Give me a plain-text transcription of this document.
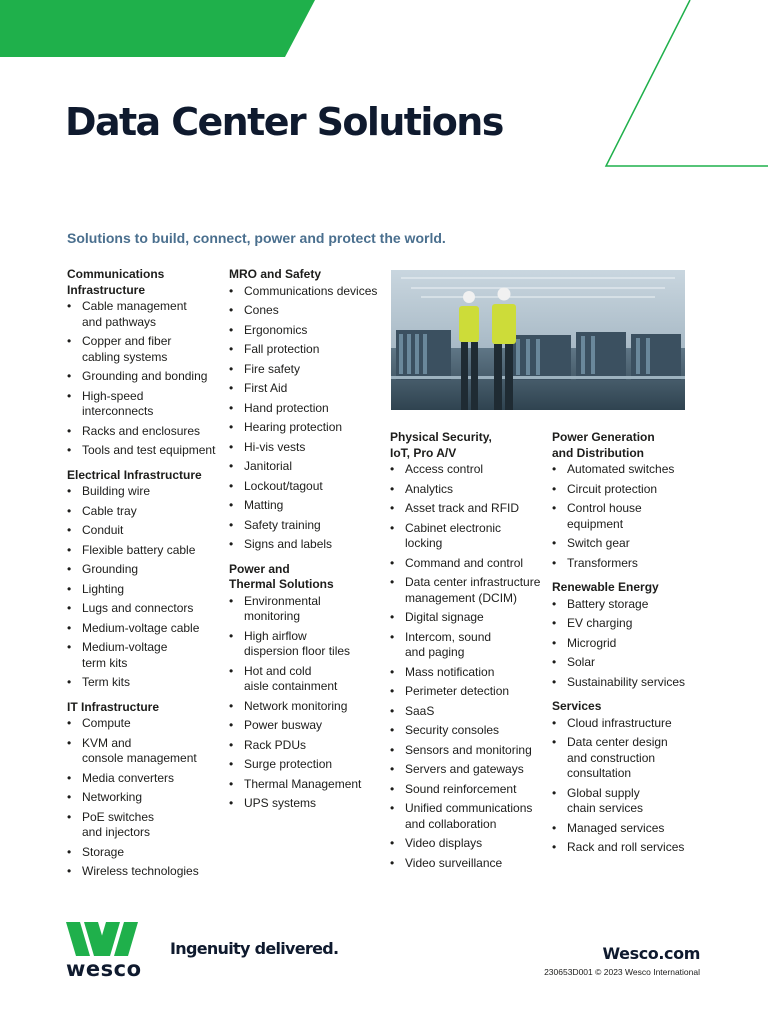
Data Center Solutions

Solutions to build, connect, power and protect the world.

Communications
Infrastructure
• Cable management
and pathways
• Copper and fiber
cabling systems
• Grounding and bonding
• High-speed
interconnects
• Racks and enclosures
• Tools and test equipment
Electrical Infrastructure
• Building wire
• Cable tray
• Conduit
• Flexible battery cable
• Grounding
• Lighting
• Lugs and connectors
• Medium-voltage cable
• Medium-voltage
term kits
• Term kits
IT Infrastructure
• Compute
• KVM and
console management
• Media converters
• Networking
• PoE switches
and injectors
• Storage
• Wireless technologies
MRO and Safety
• Communications devices
• Cones
• Ergonomics
• Fall protection
• Fire safety
• First Aid
• Hand protection
• Hearing protection
• Hi-vis vests
• Janitorial
• Lockout/tagout
• Matting
• Safety training
• Signs and labels
Power and
Thermal Solutions
• Environmental
monitoring
• High airflow
dispersion floor tiles
• Hot and cold
aisle containment
• Network monitoring
• Power busway
• Rack PDUs
• Surge protection
• Thermal Management
• UPS systems
Physical Security,
IoT, Pro A/V
• Access control
• Analytics
• Asset track and RFID
• Cabinet electronic
locking
• Command and control
• Data center infrastructure
management (DCIM)
• Digital signage
• Intercom, sound
and paging
• Mass notification
• Perimeter detection
• SaaS
• Security consoles
• Sensors and monitoring
• Servers and gateways
• Sound reinforcement
• Unified communications
and collaboration
• Video displays
• Video surveillance
Power Generation
and Distribution
• Automated switches
• Circuit protection
• Control house
equipment
• Switch gear
• Transformers
Renewable Energy
• Battery storage
• EV charging
• Microgrid
• Solar
• Sustainability services
Services
• Cloud infrastructure
• Data center design
and construction
consultation
• Global supply
chain services
• Managed services
• Rack and roll services

wesco

Ingenuity delivered.	Wesco.com

230653D001 © 2023 Wesco International
